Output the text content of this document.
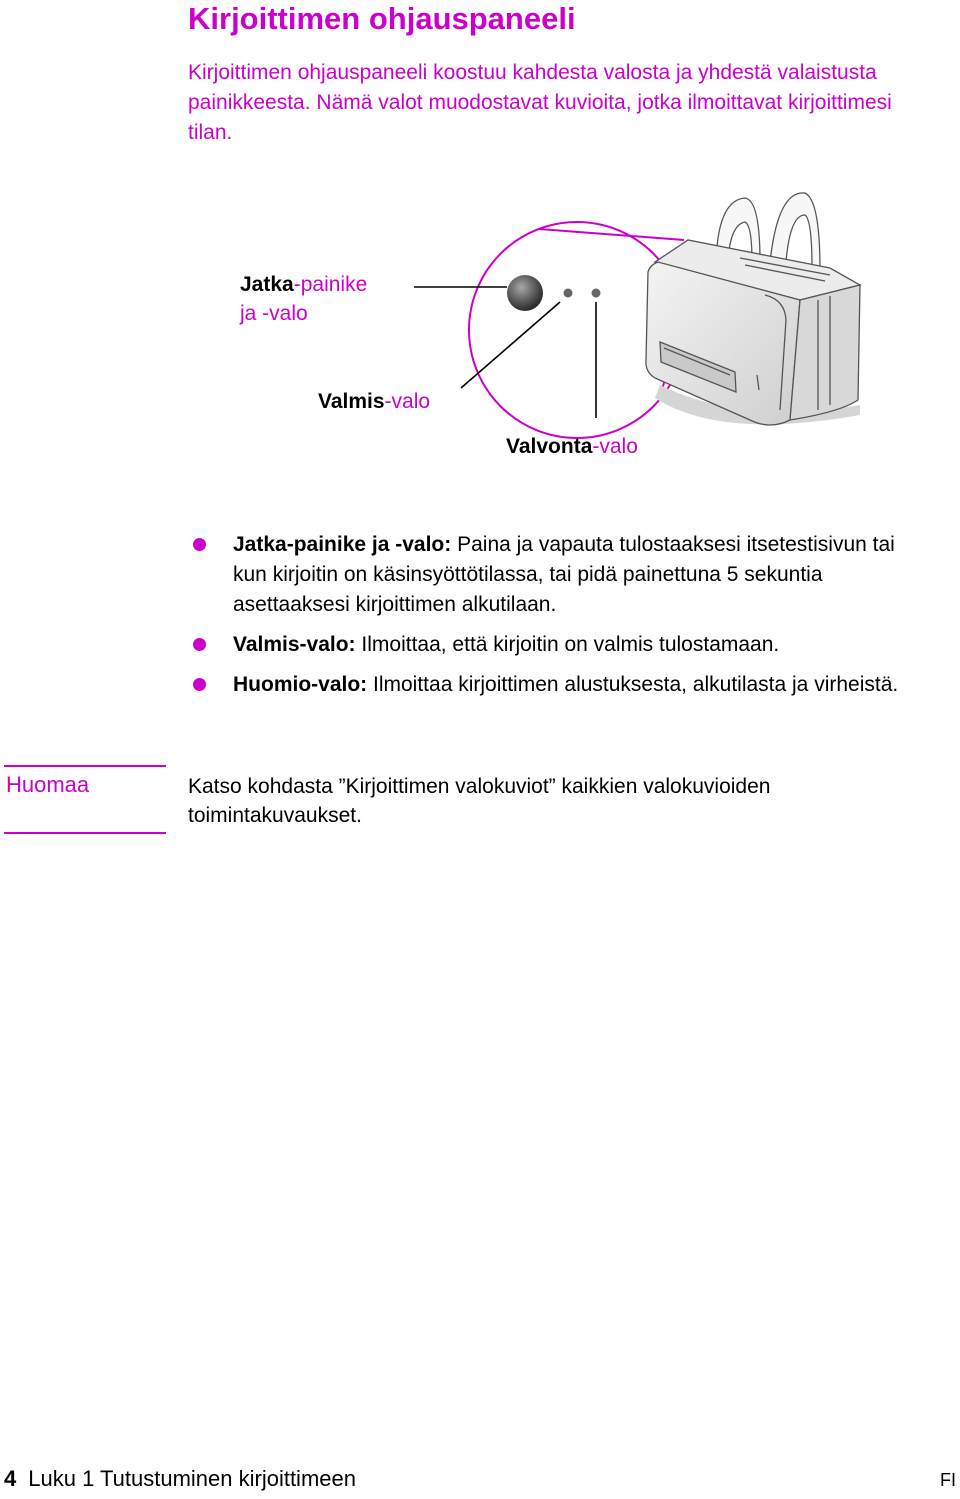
Kirjoittimen ohjauspaneeli
Kirjoittimen ohjauspaneeli koostuu kahdesta valosta ja yhdestä valaistusta painikkeesta. Nämä valot muodostavat kuvioita, jotka ilmoittavat kirjoittimesi tilan.
Jatka-painike
ja -valo
Valmis-valo
Valvonta-valo
Jatka-painike ja -valo: Paina ja vapauta tulostaaksesi itsetestisivun tai kun kirjoitin on käsinsyöttötilassa, tai pidä painettuna 5 sekuntia asettaaksesi kirjoittimen alkutilaan.
Valmis-valo: Ilmoittaa, että kirjoitin on valmis tulostamaan.
Huomio-valo: Ilmoittaa kirjoittimen alustuksesta, alkutilasta ja virheistä.
Huomaa	Katso kohdasta ”Kirjoittimen valokuviot” kaikkien valokuvioiden toimintakuvaukset.
4 Luku 1 Tutustuminen kirjoittimeen	FI
